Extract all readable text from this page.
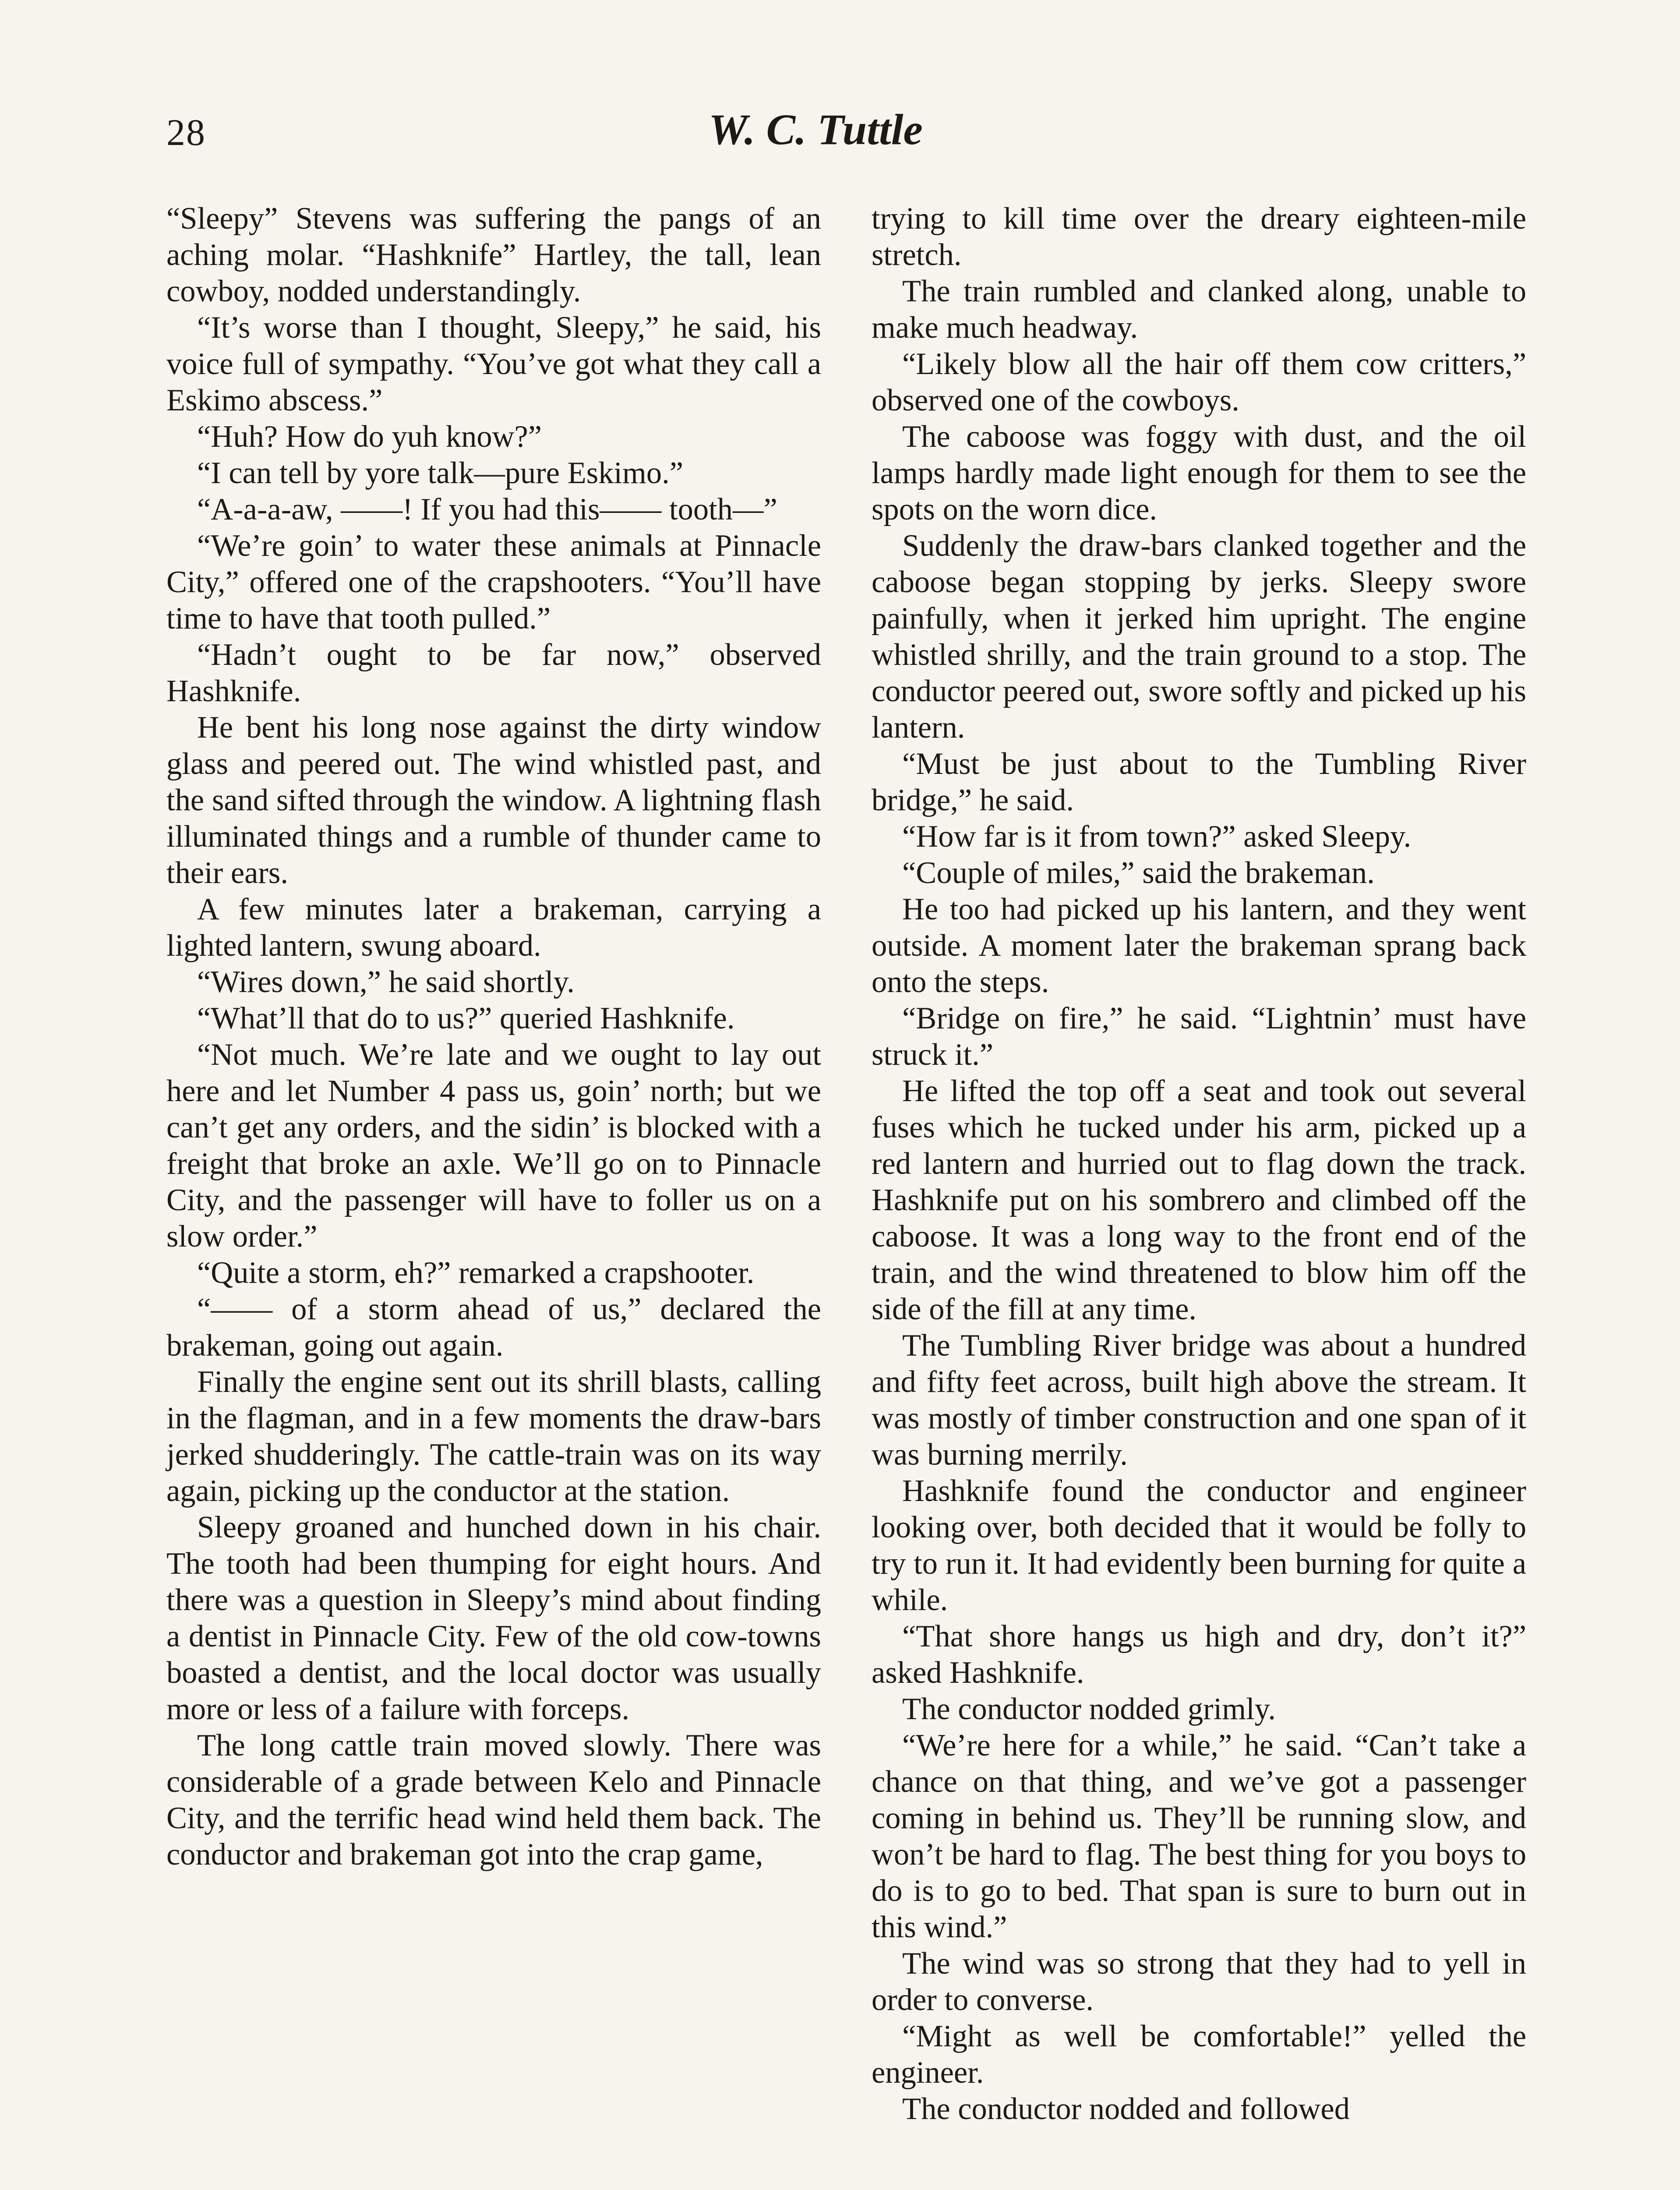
28	W. C. Tuttle

“Sleepy” Stevens was suffering the pangs of an aching molar. “Hashknife” Hartley, the tall, lean cowboy, nodded understandingly.

“It’s worse than I thought, Sleepy,” he said, his voice full of sympathy. “You’ve got what they call a Eskimo abscess.”

“Huh? How do yuh know?”

“I can tell by yore talk—pure Eskimo.”

“A-a-a-aw, ——! If you had this—— tooth—”

“We’re goin’ to water these animals at Pinnacle City,” offered one of the crapshooters. “You’ll have time to have that tooth pulled.”

“Hadn’t ought to be far now,” observed Hashknife.

He bent his long nose against the dirty window glass and peered out. The wind whistled past, and the sand sifted through the window. A lightning flash illuminated things and a rumble of thunder came to their ears.

A few minutes later a brakeman, carrying a lighted lantern, swung aboard.

“Wires down,” he said shortly.

“What’ll that do to us?” queried Hashknife.

“Not much. We’re late and we ought to lay out here and let Number 4 pass us, goin’ north; but we can’t get any orders, and the sidin’ is blocked with a freight that broke an axle. We’ll go on to Pinnacle City, and the passenger will have to foller us on a slow order.”

“Quite a storm, eh?” remarked a crapshooter.

“—— of a storm ahead of us,” declared the brakeman, going out again.

Finally the engine sent out its shrill blasts, calling in the flagman, and in a few moments the draw-bars jerked shudderingly. The cattle-train was on its way again, picking up the conductor at the station.

Sleepy groaned and hunched down in his chair. The tooth had been thumping for eight hours. And there was a question in Sleepy’s mind about finding a dentist in Pinnacle City. Few of the old cow-towns boasted a dentist, and the local doctor was usually more or less of a failure with forceps.

The long cattle train moved slowly. There was considerable of a grade between Kelo and Pinnacle City, and the terrific head wind held them back. The conductor and brakeman got into the crap game,

trying to kill time over the dreary eighteen-mile stretch.

The train rumbled and clanked along, unable to make much headway.

“Likely blow all the hair off them cow critters,” observed one of the cowboys.

The caboose was foggy with dust, and the oil lamps hardly made light enough for them to see the spots on the worn dice.

Suddenly the draw-bars clanked together and the caboose began stopping by jerks. Sleepy swore painfully, when it jerked him upright. The engine whistled shrilly, and the train ground to a stop. The conductor peered out, swore softly and picked up his lantern.

“Must be just about to the Tumbling River bridge,” he said.

“How far is it from town?” asked Sleepy.

“Couple of miles,” said the brakeman.

He too had picked up his lantern, and they went outside. A moment later the brakeman sprang back onto the steps.

“Bridge on fire,” he said. “Lightnin’ must have struck it.”

He lifted the top off a seat and took out several fuses which he tucked under his arm, picked up a red lantern and hurried out to flag down the track. Hashknife put on his sombrero and climbed off the caboose. It was a long way to the front end of the train, and the wind threatened to blow him off the side of the fill at any time.

The Tumbling River bridge was about a hundred and fifty feet across, built high above the stream. It was mostly of timber construction and one span of it was burning merrily.

Hashknife found the conductor and engineer looking over, both decided that it would be folly to try to run it. It had evidently been burning for quite a while.

“That shore hangs us high and dry, don’t it?” asked Hashknife.

The conductor nodded grimly.

“We’re here for a while,” he said. “Can’t take a chance on that thing, and we’ve got a passenger coming in behind us. They’ll be running slow, and won’t be hard to flag. The best thing for you boys to do is to go to bed. That span is sure to burn out in this wind.”

The wind was so strong that they had to yell in order to converse.

“Might as well be comfortable!” yelled the engineer.

The conductor nodded and followed
